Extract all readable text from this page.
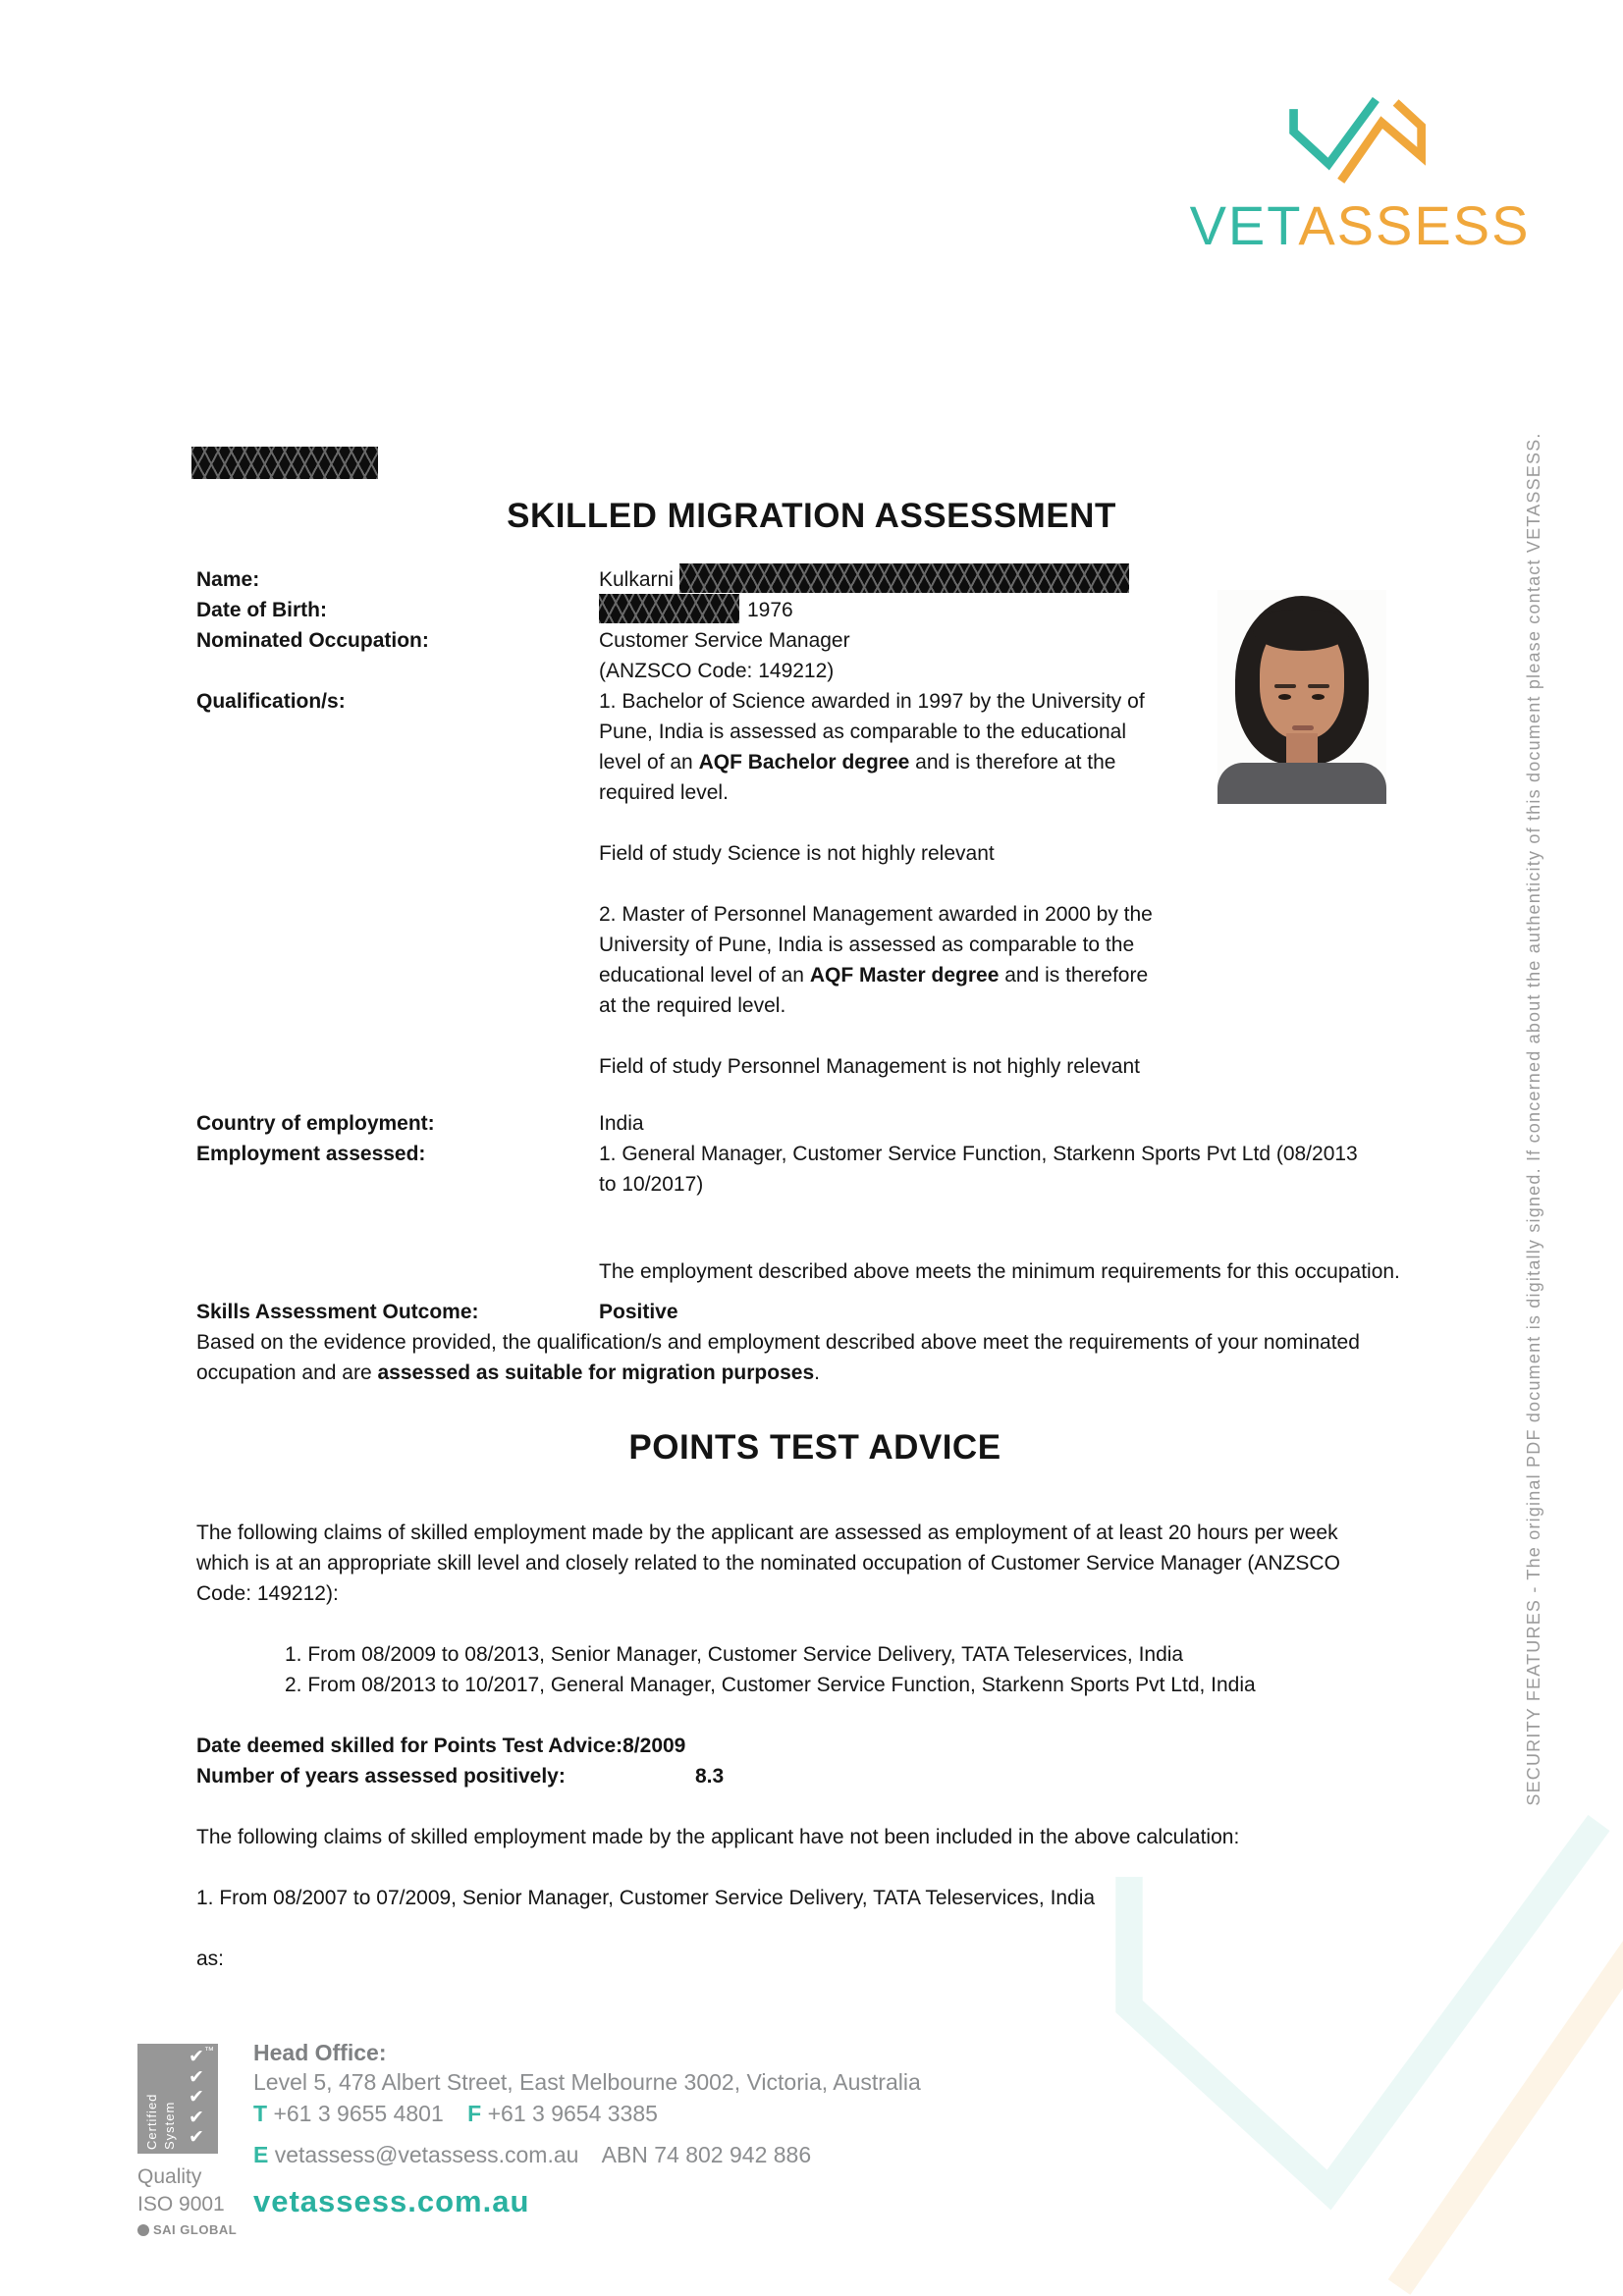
VETASSESS
SKILLED MIGRATION ASSESSMENT	SECURITY FEATURES - The original PDF document is digitally signed. If concerned about the authenticity of this document please contact VETASSESS.
Name:	Kulkarni
Date of Birth:	1976
Nominated Occupation:	Customer Service Manager
(ANZSCO Code: 149212)
Qualification/s:	1. Bachelor of Science awarded in 1997 by the University of Pune, India is assessed as comparable to the educational level of an AQF Bachelor degree and is therefore at the required level.

Field of study Science is not highly relevant

2. Master of Personnel Management awarded in 2000 by the University of Pune, India is assessed as comparable to the educational level of an AQF Master degree and is therefore at the required level.

Field of study Personnel Management is not highly relevant

Country of employment:	India
Employment assessed:	1. General Manager, Customer Service Function, Starkenn Sports Pvt Ltd (08/2013 to 10/2017)

The employment described above meets the minimum requirements for this occupation.

Skills Assessment Outcome:	Positive

Based on the evidence provided, the qualification/s and employment described above meet the requirements of your nominated occupation and are assessed as suitable for migration purposes.

POINTS TEST ADVICE

The following claims of skilled employment made by the applicant are assessed as employment of at least 20 hours per week which is at an appropriate skill level and closely related to the nominated occupation of Customer Service Manager (ANZSCO Code: 149212):

1. From 08/2009 to 08/2013, Senior Manager, Customer Service Delivery, TATA Teleservices, India
2. From 08/2013 to 10/2017, General Manager, Customer Service Function, Starkenn Sports Pvt Ltd, India
Date deemed skilled for Points Test Advice:8/2009
Number of years assessed positively:	8.3

The following claims of skilled employment made by the applicant have not been included in the above calculation:

1. From 08/2007 to 07/2009, Senior Manager, Customer Service Delivery, TATA Teleservices, India

as:

Certified System
✔✔✔✔✔
™
Quality
ISO 9001
SAI GLOBAL
Head Office:
Level 5, 478 Albert Street, East Melbourne 3002, Victoria, Australia
T +61 3 9655 4801 F +61 3 9654 3385
E vetassess@vetassess.com.au ABN 74 802 942 886
vetassess.com.au
